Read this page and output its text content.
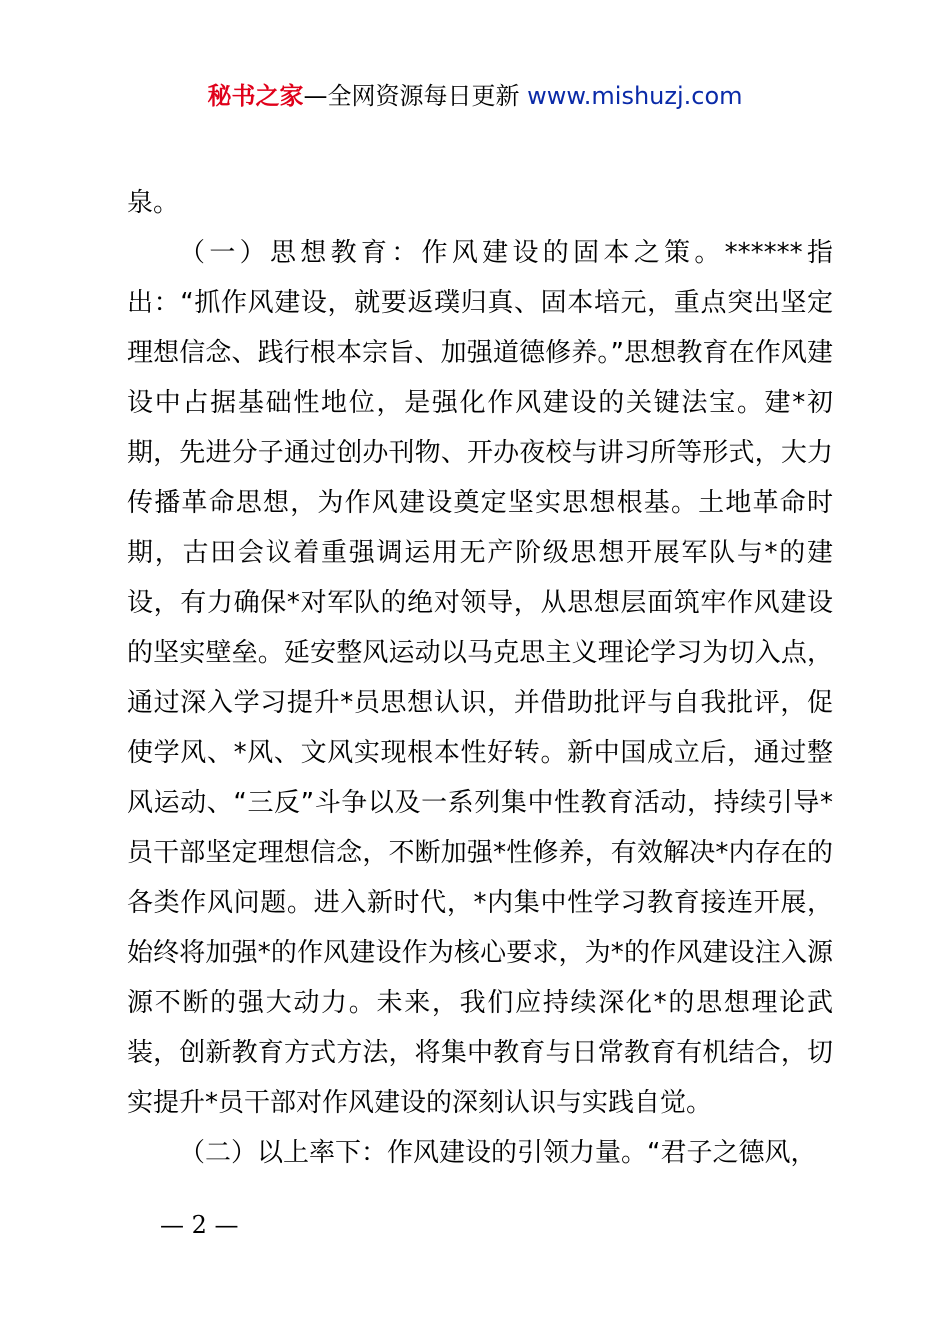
秘书之家—全网资源每日更新 www.mishuzj.com

泉。

（一）思想教育：作风建设的固本之策。******指出：“抓作风建设，就要返璞归真、固本培元，重点突出坚定理想信念、践行根本宗旨、加强道德修养。”思想教育在作风建设中占据基础性地位，是强化作风建设的关键法宝。建*初期，先进分子通过创办刊物、开办夜校与讲习所等形式，大力传播革命思想，为作风建设奠定坚实思想根基。土地革命时期，古田会议着重强调运用无产阶级思想开展军队与*的建设，有力确保*对军队的绝对领导，从思想层面筑牢作风建设的坚实壁垒。延安整风运动以马克思主义理论学习为切入点，通过深入学习提升*员思想认识，并借助批评与自我批评，促使学风、*风、文风实现根本性好转。新中国成立后，通过整风运动、“三反”斗争以及一系列集中性教育活动，持续引导*员干部坚定理想信念，不断加强*性修养，有效解决*内存在的各类作风问题。进入新时代，*内集中性学习教育接连开展，始终将加强*的作风建设作为核心要求，为*的作风建设注入源源不断的强大动力。未来，我们应持续深化*的思想理论武装，创新教育方式方法，将集中教育与日常教育有机结合，切实提升*员干部对作风建设的深刻认识与实践自觉。

（二）以上率下：作风建设的引领力量。“君子之德风，

— 2 —
